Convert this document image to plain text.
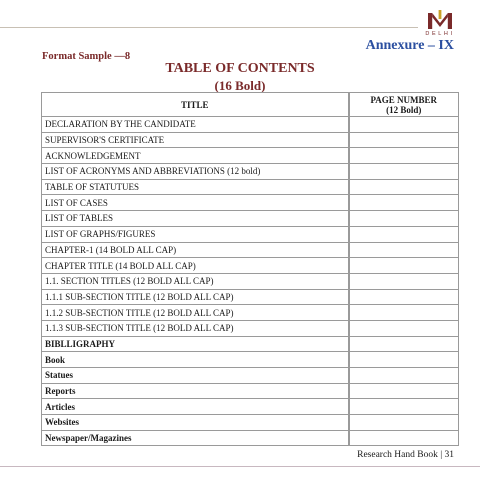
DELHI
Annexure – IX
Format Sample —8
TABLE OF CONTENTS
(16 Bold)
TITLE	PAGE NUMBER
(12 Bold)
DECLARATION BY THE CANDIDATE	
SUPERVISOR'S CERTIFICATE	
ACKNOWLEDGEMENT	
LIST OF ACRONYMS AND ABBREVIATIONS (12 bold)	
TABLE OF STATUTUES	
LIST OF CASES	
LIST OF TABLES	
LIST OF GRAPHS/FIGURES	
CHAPTER-1 (14 BOLD ALL CAP)	
CHAPTER TITLE (14 BOLD ALL CAP)	
1.1. SECTION TITLES (12 BOLD ALL CAP)	
1.1.1 SUB-SECTION TITLE (12 BOLD ALL CAP)	
1.1.2 SUB-SECTION TITLE (12 BOLD ALL CAP)	
1.1.3 SUB-SECTION TITLE (12 BOLD ALL CAP)	
BIBLLIGRAPHY	
Book	
Statues	
Reports	
Articles	
Websites	
Newspaper/Magazines	
Research Hand Book | 31
